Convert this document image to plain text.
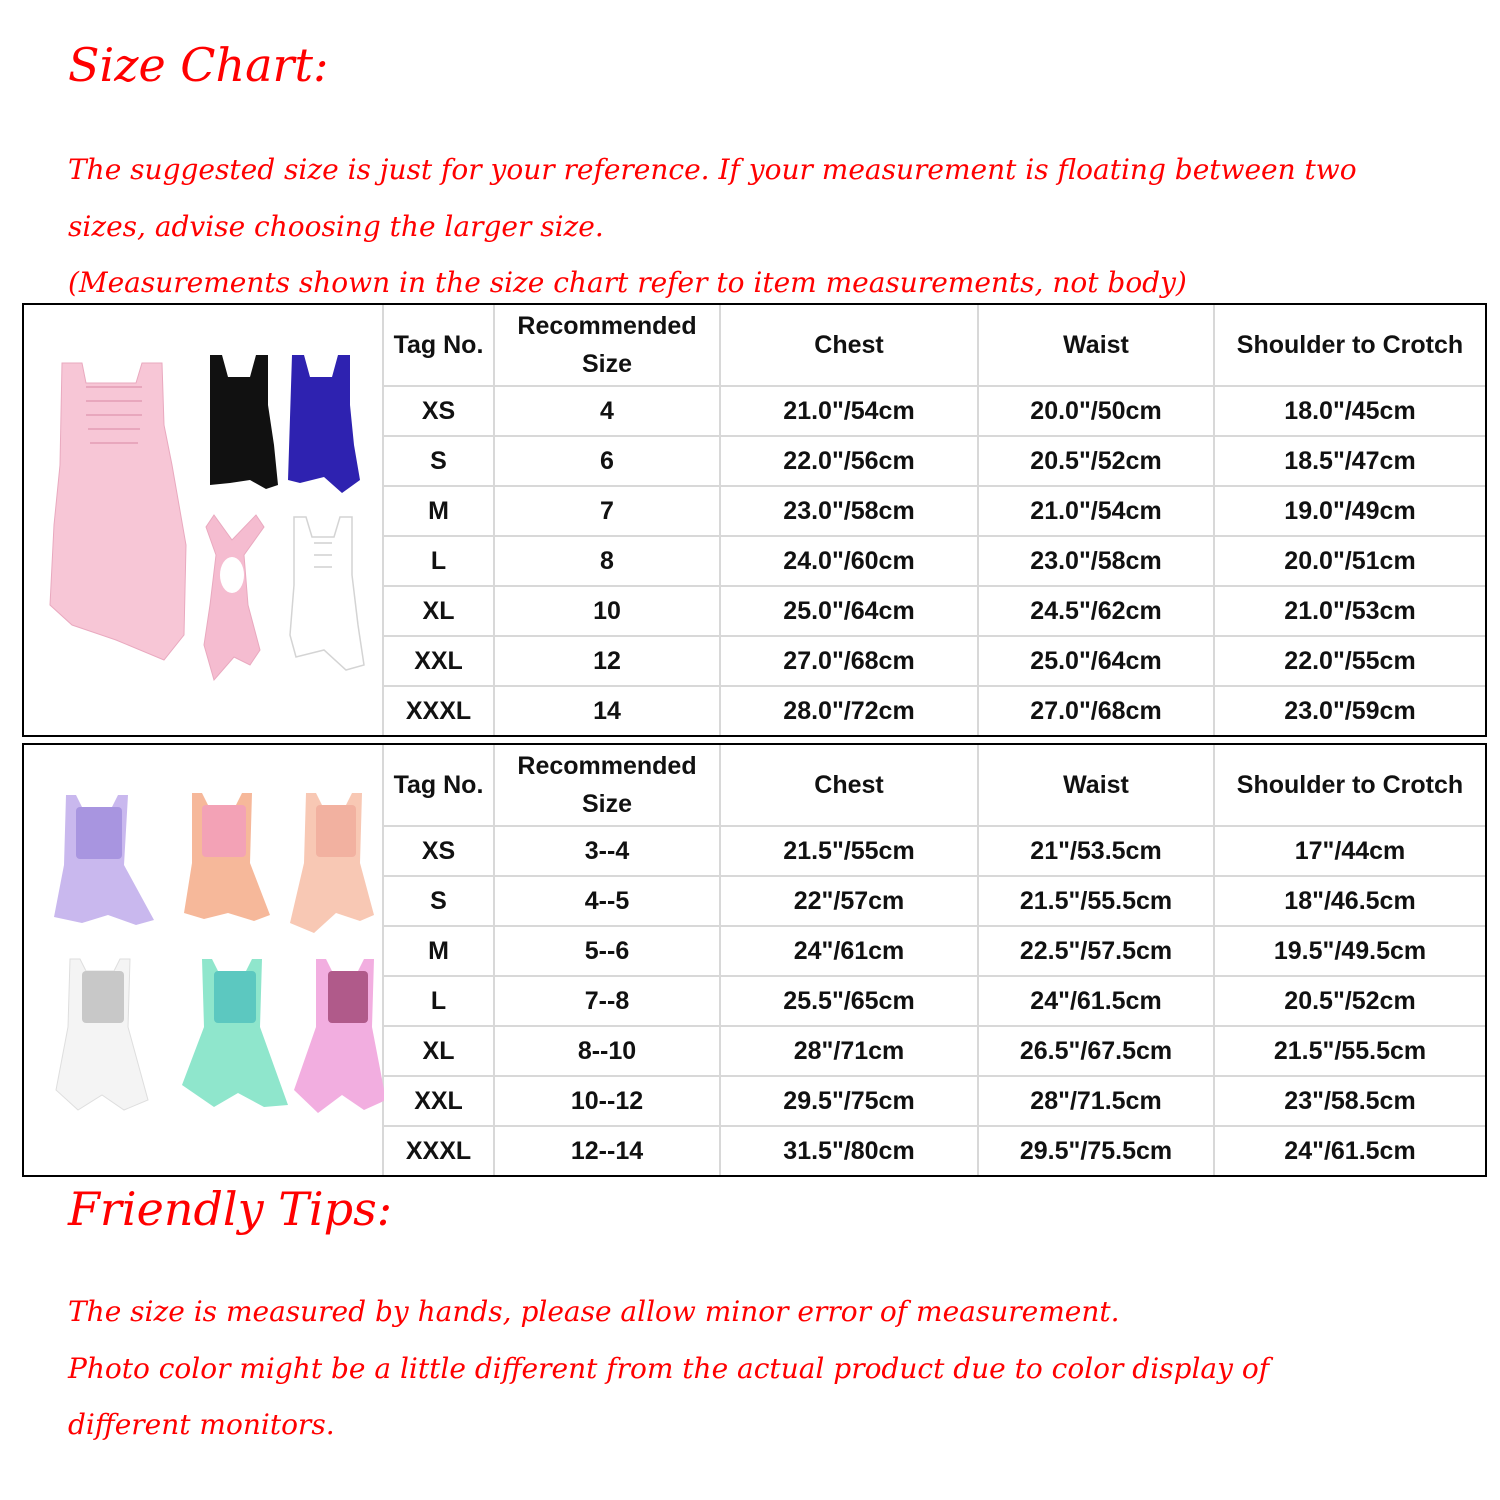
Size Chart:

The suggested size is just for your reference. If your measurement is floating between two

sizes, advise choosing the larger size.

(Measurements shown in the size chart refer to item measurements, not body)

Tag No.	Recommended Size	Chest	Waist	Shoulder to Crotch
XS	4	21.0"/54cm	20.0"/50cm	18.0"/45cm
S	6	22.0"/56cm	20.5"/52cm	18.5"/47cm
M	7	23.0"/58cm	21.0"/54cm	19.0"/49cm
L	8	24.0"/60cm	23.0"/58cm	20.0"/51cm
XL	10	25.0"/64cm	24.5"/62cm	21.0"/53cm
XXL	12	27.0"/68cm	25.0"/64cm	22.0"/55cm
XXXL	14	28.0"/72cm	27.0"/68cm	23.0"/59cm
Tag No.	Recommended Size	Chest	Waist	Shoulder to Crotch
XS	3--4	21.5"/55cm	21"/53.5cm	17"/44cm
S	4--5	22"/57cm	21.5"/55.5cm	18"/46.5cm
M	5--6	24"/61cm	22.5"/57.5cm	19.5"/49.5cm
L	7--8	25.5"/65cm	24"/61.5cm	20.5"/52cm
XL	8--10	28"/71cm	26.5"/67.5cm	21.5"/55.5cm
XXL	10--12	29.5"/75cm	28"/71.5cm	23"/58.5cm
XXXL	12--14	31.5"/80cm	29.5"/75.5cm	24"/61.5cm
Friendly Tips:

The size is measured by hands, please allow minor error of measurement.

Photo color might be a little different from the actual product due to color display of

different monitors.
